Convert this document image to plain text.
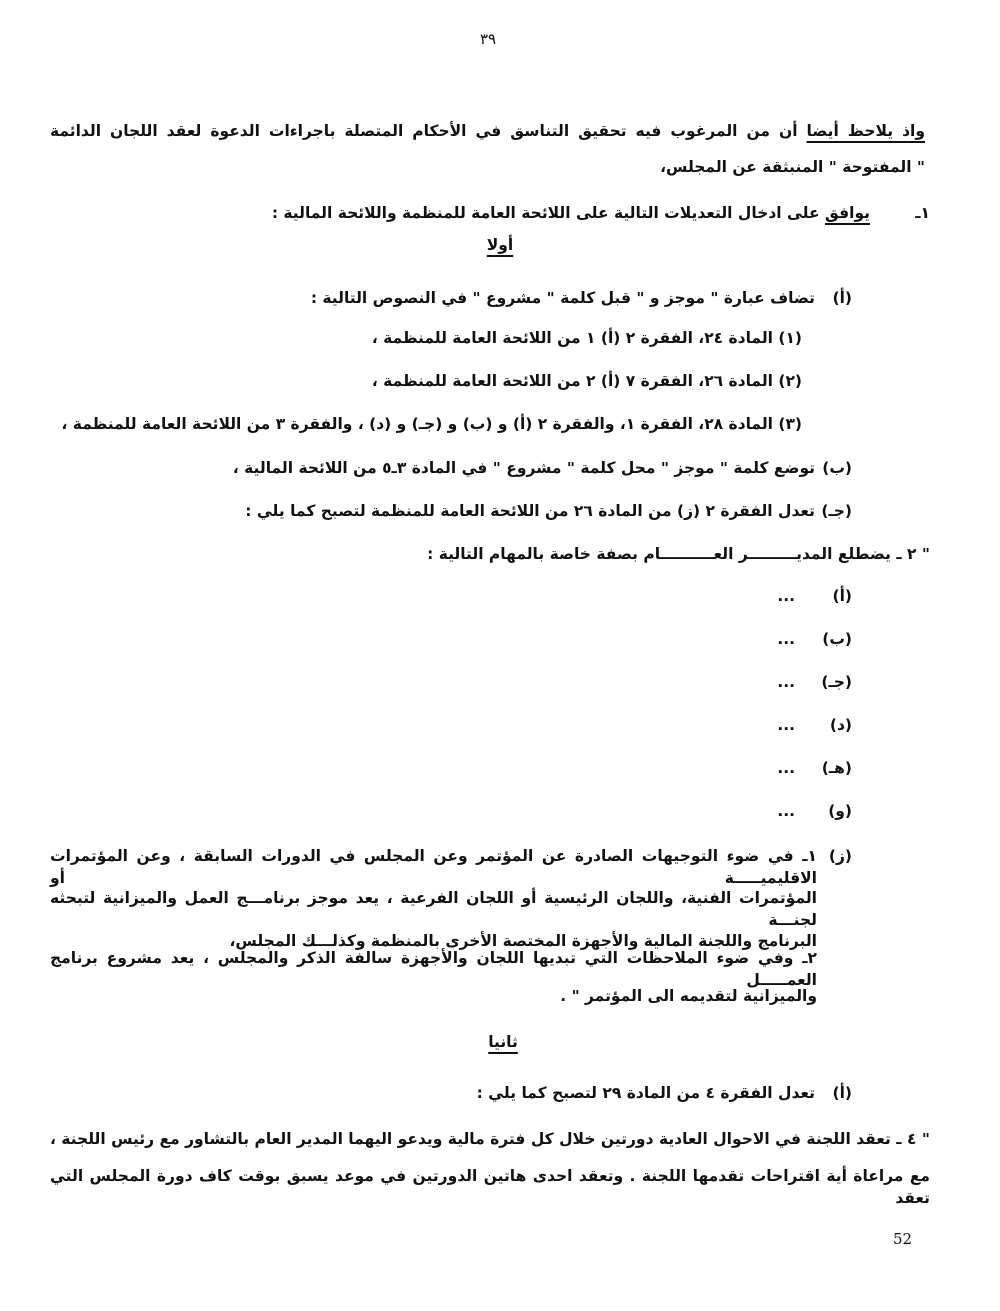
٣٩
واذ يلاحظ أيضا أن من المرغوب فيه تحقيق التناسق في الأحكام المتصلة باجراءات الدعوة لعقد اللجان الدائمة
" المفتوحة " المنبثقة عن المجلس،
١ـ
يوافق على ادخال التعديلات التالية على اللائحة العامة للمنظمة واللائحة المالية :
أولا
(أ)
تضاف عبارة " موجز و " قبل كلمة " مشروع " في النصوص التالية :
(١) المادة ٢٤، الفقرة ٢ (أ) ١ من اللائحة العامة للمنظمة ،
(٢) المادة ٢٦، الفقرة ٧ (أ) ٢ من اللائحة العامة للمنظمة ،
(٣) المادة ٢٨، الفقرة ١، والفقرة ٢ (أ) و (ب) و (جـ) و (د) ، والفقرة ٣ من اللائحة العامة للمنظمة ،
(ب)
توضع كلمة " موجز " محل كلمة " مشروع " في المادة ٣ـ٥ من اللائحة المالية ،
(جـ)
تعدل الفقرة ٢ (ز) من المادة ٢٦ من اللائحة العامة للمنظمة لتصبح كما يلي :
" ٢ ـ يضطلع المديـــــــــر العــــــــــام بصفة خاصة بالمهام التالية :
(أ)
...
(ب)
...
(جـ)
...
(د)
...
(هـ)
...
(و)
...
(ز)
١ـ في ضوء التوجيهات الصادرة عن المؤتمر وعن المجلس في الدورات السابقة ، وعن المؤتمرات الاقليميـــــة أو
المؤتمرات الفنية، واللجان الرئيسية أو اللجان الفرعية ، يعد موجز برنامـــج العمل والميزانية لتبحثه لجنـــة
البرنامج واللجنة المالية والأجهزة المختصة الأخرى بالمنظمة وكذلـــك المجلس،
٢ـ وفي ضوء الملاحظات التي تبديها اللجان والأجهزة سالفة الذكر والمجلس ، يعد مشروع برنامج العمـــــل
والميزانية لتقديمه الى المؤتمر " .
ثانيا
(أ)
تعدل الفقرة ٤ من المادة ٢٩ لتصبح كما يلي :
" ٤ ـ تعقد اللجنة في الاحوال العادية دورتين خلال كل فترة مالية ويدعو اليهما المدير العام بالتشاور مع رئيس اللجنة ،
مع مراعاة أية اقتراحات تقدمها اللجنة . وتعقد احدى هاتين الدورتين في موعد يسبق بوقت كاف دورة المجلس التي تعقد
52
